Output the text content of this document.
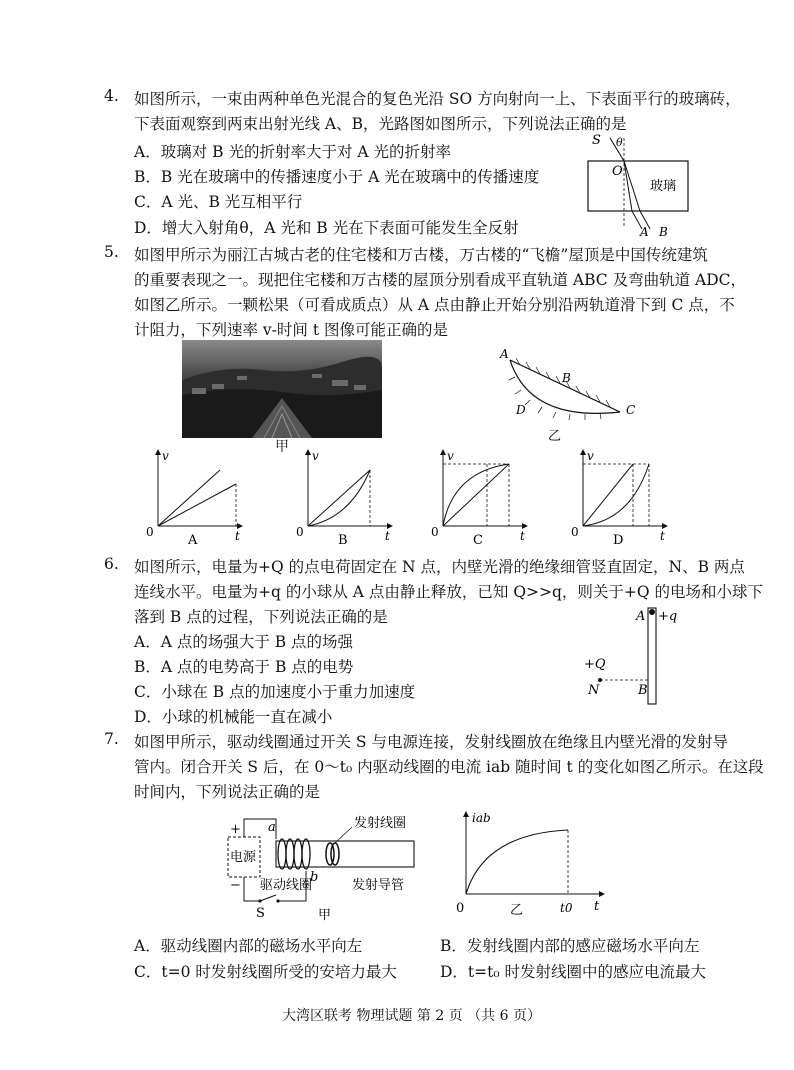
4. 如图所示，一束由两种单色光混合的复色光沿 SO 方向射向一上、下表面平行的玻璃砖，
下表面观察到两束出射光线 A、B，光路图如图所示，下列说法正确的是
A．玻璃对 B 光的折射率大于对 A 光的折射率
B．B 光在玻璃中的传播速度小于 A 光在玻璃中的传播速度
C．A 光、B 光互相平行
D．增大入射角θ，A 光和 B 光在下表面可能发生全反射
S θ
O
玻璃
A B
5. 如图甲所示为丽江古城古老的住宅楼和万古楼，万古楼的“飞檐”屋顶是中国传统建筑
的重要表现之一。现把住宅楼和万古楼的屋顶分别看成平直轨道 ABC 及弯曲轨道 ADC，
如图乙所示。一颗松果（可看成质点）从 A 点由静止开始分别沿两轨道滑下到 C 点，不
计阻力，下列速率 v-时间 t 图像可能正确的是
甲
A
B
C
D
乙
v
0	t
A
v
0	t
B
v
0	t
C
v
0	t
D
6. 如图所示，电量为+Q 的点电荷固定在 N 点，内壁光滑的绝缘细管竖直固定，N、B 两点
连线水平。电量为+q 的小球从 A 点由静止释放，已知 Q>>q，则关于+Q 的电场和小球下
落到 B 点的过程，下列说法正确的是
A．A 点的场强大于 B 点的场强
B．A 点的电势高于 B 点的电势
C．小球在 B 点的加速度小于重力加速度
D．小球的机械能一直在减小
A +q
+Q
N	B
7. 如图甲所示，驱动线圈通过开关 S 与电源连接，发射线圈放在绝缘且内壁光滑的发射导
管内。闭合开关 S 后，在 0～t₀ 内驱动线圈的电流 iab 随时间 t 的变化如图乙所示。在这段
时间内，下列说法正确的是
+
−
电源
a
b
发射线圈
驱动线圈	发射导管
S	甲
iab
0	t0 t
乙
A．驱动线圈内部的磁场水平向左	B．发射线圈内部的感应磁场水平向左
C．t=0 时发射线圈所受的安培力最大	D．t=t₀ 时发射线圈中的感应电流最大
大湾区联考 物理试题 第 2 页 （共 6 页）
